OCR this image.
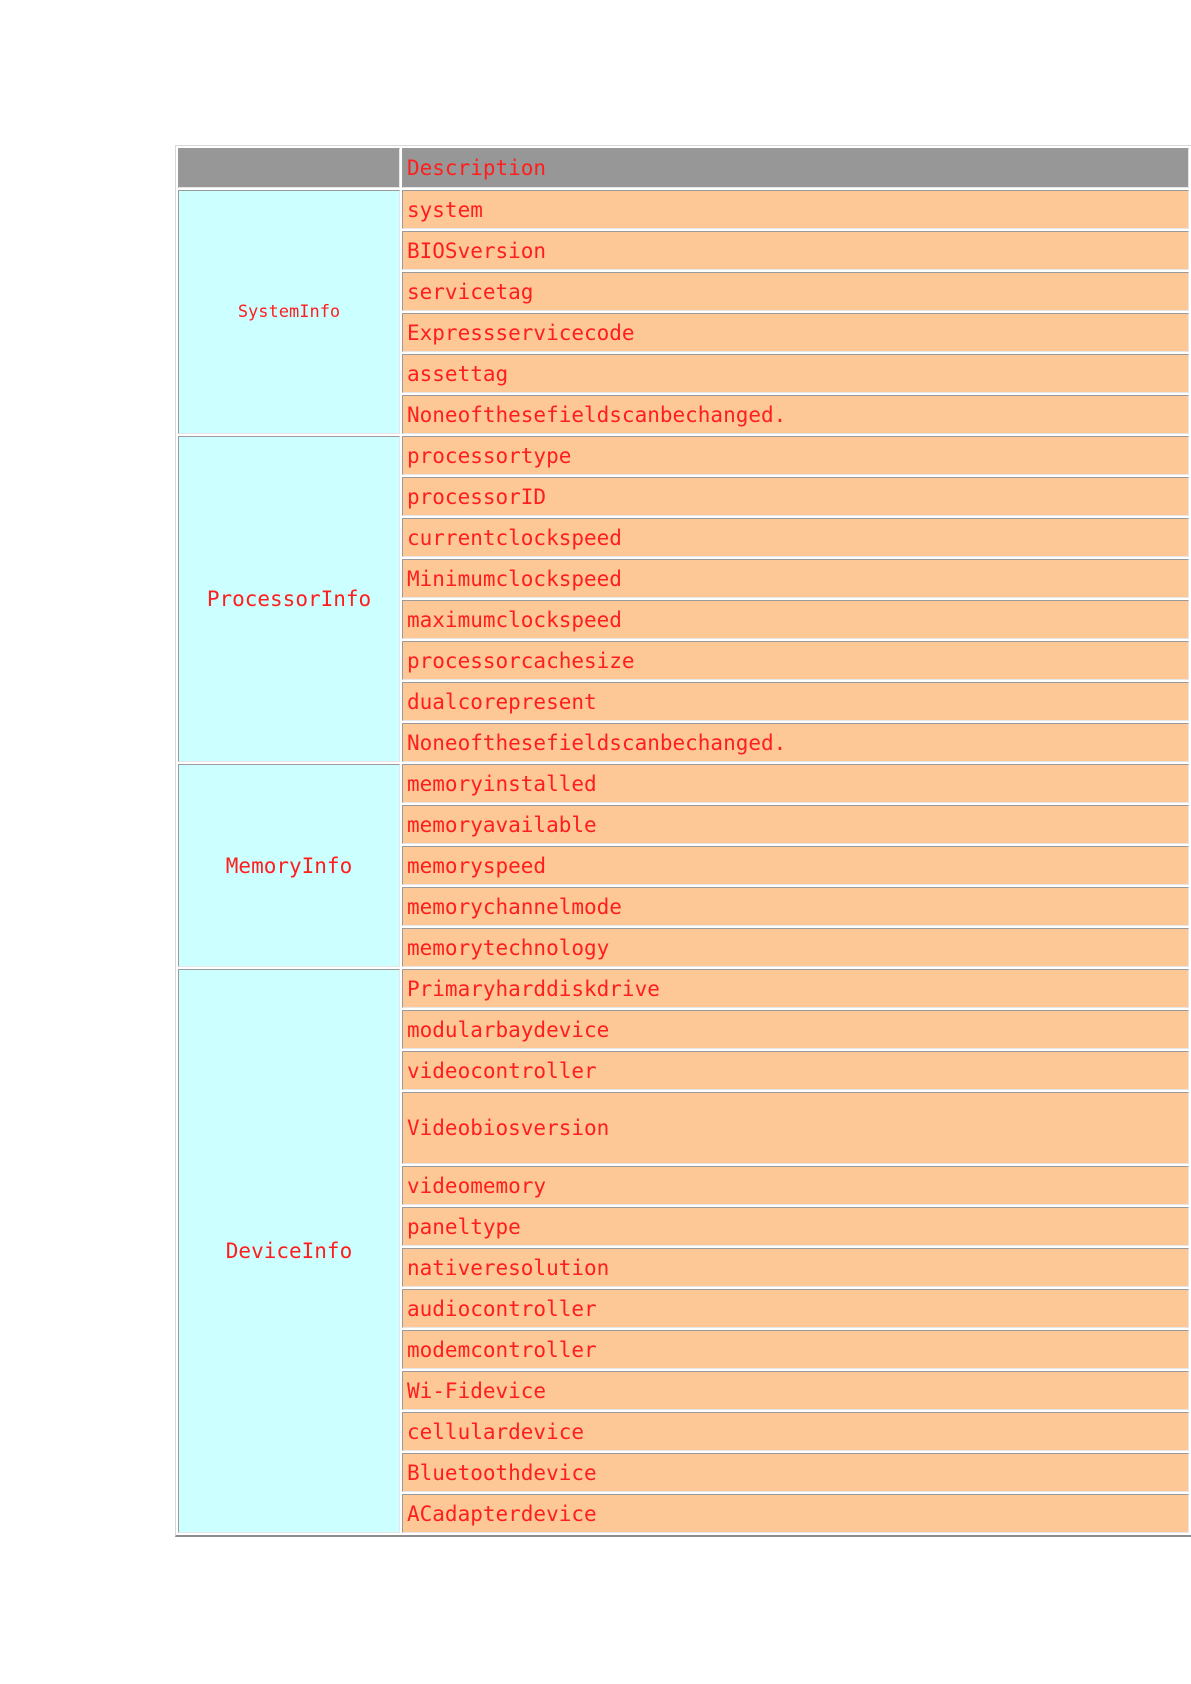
	Description
SystemInfo	system
	BIOSversion
	servicetag
	Expressservicecode
	assettag
	Noneofthesefieldscanbechanged.
ProcessorInfo	processortype
	processorID
	currentclockspeed
	Minimumclockspeed
	maximumclockspeed
	processorcachesize
	dualcorepresent
	Noneofthesefieldscanbechanged.
MemoryInfo	memoryinstalled
	memoryavailable
	memoryspeed
	memorychannelmode
	memorytechnology
DeviceInfo	Primaryharddiskdrive
	modularbaydevice
	videocontroller
	Videobiosversion
	videomemory
	paneltype
	nativeresolution
	audiocontroller
	modemcontroller
	Wi-Fidevice
	cellulardevice
	Bluetoothdevice
	ACadapterdevice
